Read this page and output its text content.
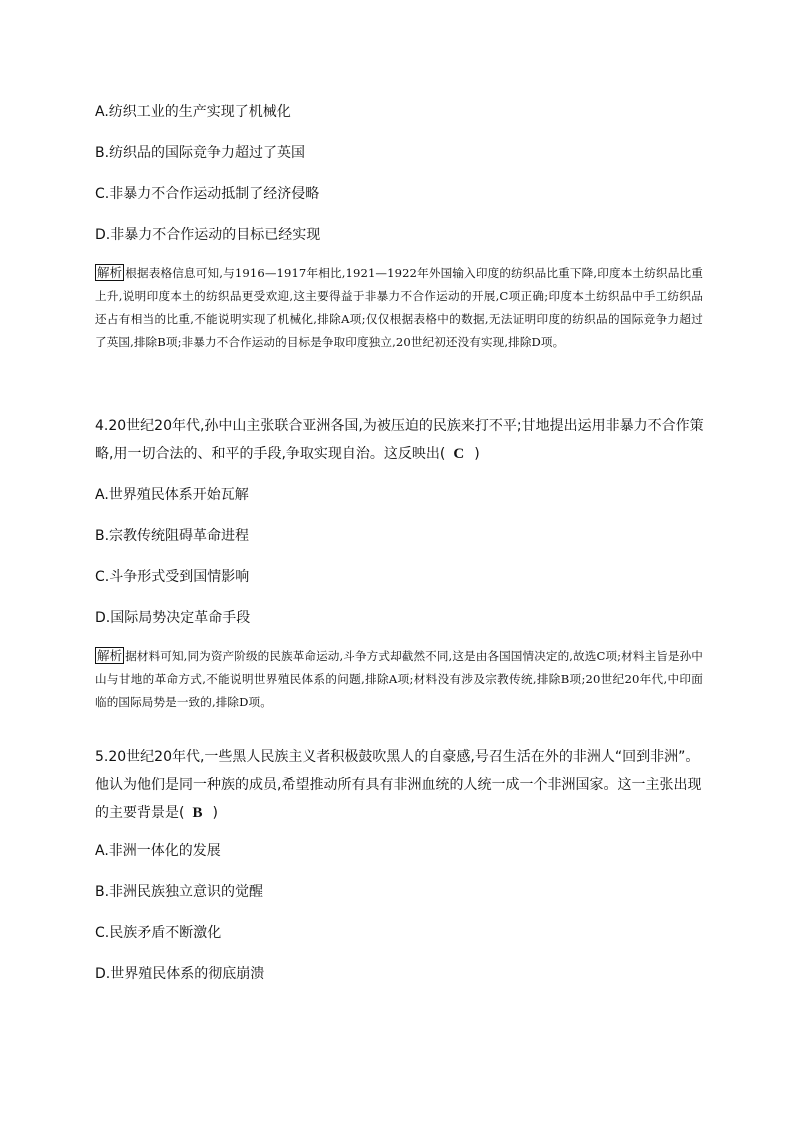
A.纺织工业的生产实现了机械化
B.纺织品的国际竞争力超过了英国
C.非暴力不合作运动抵制了经济侵略
D.非暴力不合作运动的目标已经实现
解析 根据表格信息可知,与1916—1917年相比,1921—1922年外国输入印度的纺织品比重下降,印度本土纺织品比重上升,说明印度本土的纺织品更受欢迎,这主要得益于非暴力不合作运动的开展,C项正确;印度本土纺织品中手工纺织品还占有相当的比重,不能说明实现了机械化,排除A项;仅仅根据表格中的数据,无法证明印度的纺织品的国际竞争力超过了英国,排除B项;非暴力不合作运动的目标是争取印度独立,20世纪初还没有实现,排除D项。
4.20世纪20年代,孙中山主张联合亚洲各国,为被压迫的民族来打不平;甘地提出运用非暴力不合作策略,用一切合法的、和平的手段,争取实现自治。这反映出( C )
A.世界殖民体系开始瓦解
B.宗教传统阻碍革命进程
C.斗争形式受到国情影响
D.国际局势决定革命手段
解析 据材料可知,同为资产阶级的民族革命运动,斗争方式却截然不同,这是由各国国情决定的,故选C项;材料主旨是孙中山与甘地的革命方式,不能说明世界殖民体系的问题,排除A项;材料没有涉及宗教传统,排除B项;20世纪20年代,中印面临的国际局势是一致的,排除D项。
5.20世纪20年代,一些黑人民族主义者积极鼓吹黑人的自豪感,号召生活在外的非洲人“回到非洲”。他认为他们是同一种族的成员,希望推动所有具有非洲血统的人统一成一个非洲国家。这一主张出现的主要背景是( B )
A.非洲一体化的发展
B.非洲民族独立意识的觉醒
C.民族矛盾不断激化
D.世界殖民体系的彻底崩溃
